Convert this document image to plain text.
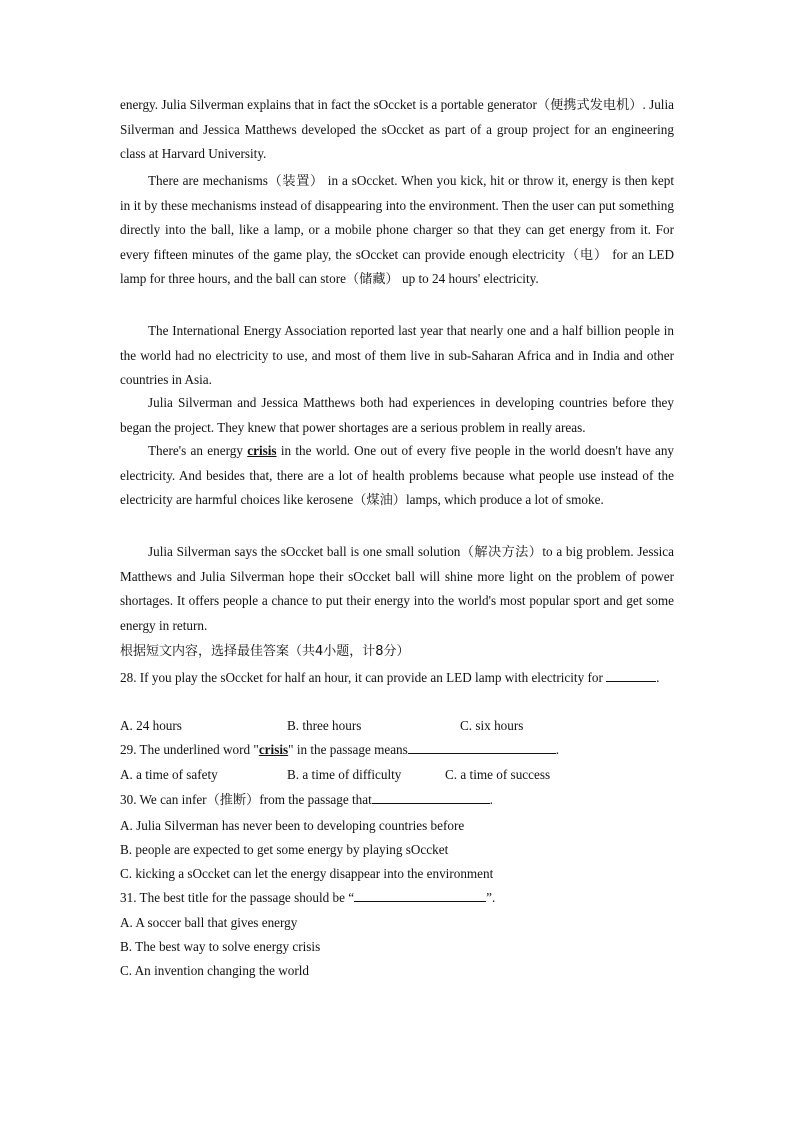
energy. Julia Silverman explains that in fact the sOccket is a portable generator（便携式发电机）. Julia Silverman and Jessica Matthews developed the sOccket as part of a group project for an engineering class at Harvard University.
There are mechanisms（装置） in a sOccket. When you kick, hit or throw it, energy is then kept in it by these mechanisms instead of disappearing into the environment. Then the user can put something directly into the ball, like a lamp, or a mobile phone charger so that they can get energy from it. For every fifteen minutes of the game play, the sOccket can provide enough electricity（电） for an LED lamp for three hours, and the ball can store（储藏） up to 24 hours' electricity.
The International Energy Association reported last year that nearly one and a half billion people in the world had no electricity to use, and most of them live in sub-Saharan Africa and in India and other countries in Asia.
Julia Silverman and Jessica Matthews both had experiences in developing countries before they began the project. They knew that power shortages are a serious problem in really areas.
There's an energy crisis in the world. One out of every five people in the world doesn't have any electricity. And besides that, there are a lot of health problems because what people use instead of the electricity are harmful choices like kerosene（煤油）lamps, which produce a lot of smoke.
Julia Silverman says the sOccket ball is one small solution（解决方法）to a big problem. Jessica Matthews and Julia Silverman hope their sOccket ball will shine more light on the problem of power shortages. It offers people a chance to put their energy into the world's most popular sport and get some energy in return.
根据短文内容，选择最佳答案（共4小题，计8分）
28. If you play the sOccket for half an hour, it can provide an LED lamp with electricity for	.
A. 24 hours	B. three hours	C. six hours
29. The underlined word "crisis" in the passage means	.
A. a time of safety	B. a time of difficulty	C. a time of success
30. We can infer（推断）from the passage that	.
A. Julia Silverman has never been to developing countries before
B. people are expected to get some energy by playing sOccket
C. kicking a sOccket can let the energy disappear into the environment
31. The best title for the passage should be “	”.
A. A soccer ball that gives energy
B. The best way to solve energy crisis
C. An invention changing the world
